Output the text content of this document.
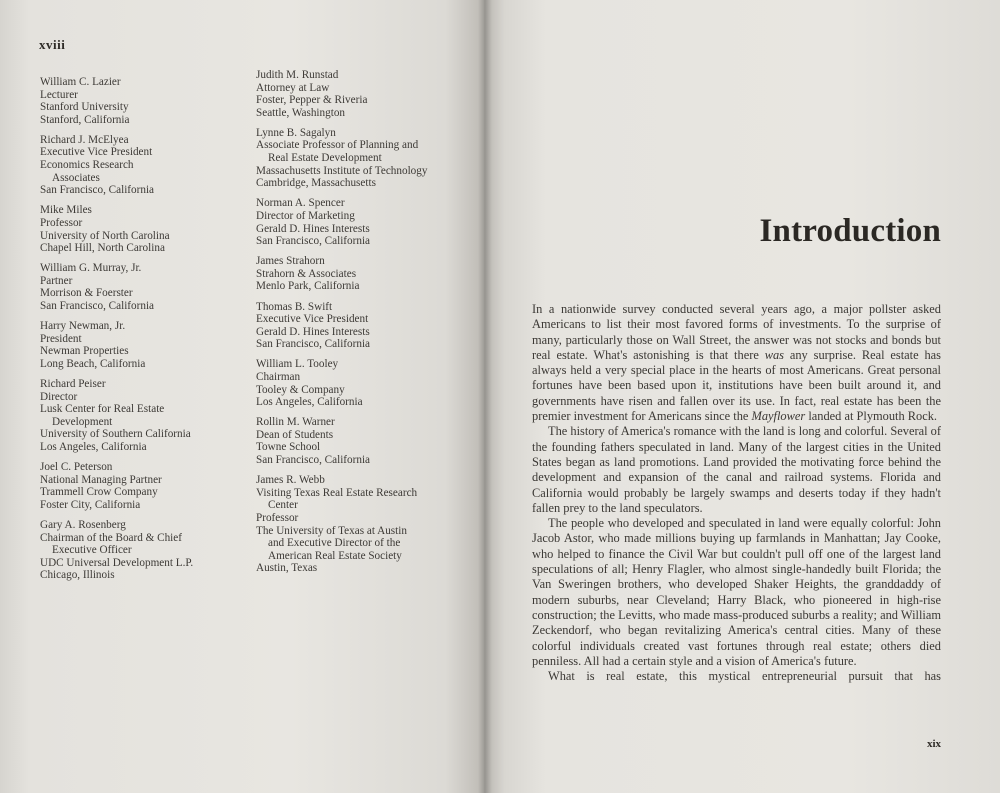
xviii
William C. Lazier
Lecturer
Stanford University
Stanford, California
Richard J. McElyea
Executive Vice President
Economics Research
Associates
San Francisco, California
Mike Miles
Professor
University of North Carolina
Chapel Hill, North Carolina
William G. Murray, Jr.
Partner
Morrison & Foerster
San Francisco, California
Harry Newman, Jr.
President
Newman Properties
Long Beach, California
Richard Peiser
Director
Lusk Center for Real Estate
Development
University of Southern California
Los Angeles, California
Joel C. Peterson
National Managing Partner
Trammell Crow Company
Foster City, California
Gary A. Rosenberg
Chairman of the Board & Chief
Executive Officer
UDC Universal Development L.P.
Chicago, Illinois
Judith M. Runstad
Attorney at Law
Foster, Pepper & Riveria
Seattle, Washington
Lynne B. Sagalyn
Associate Professor of Planning and
Real Estate Development
Massachusetts Institute of Technology
Cambridge, Massachusetts
Norman A. Spencer
Director of Marketing
Gerald D. Hines Interests
San Francisco, California
James Strahorn
Strahorn & Associates
Menlo Park, California
Thomas B. Swift
Executive Vice President
Gerald D. Hines Interests
San Francisco, California
William L. Tooley
Chairman
Tooley & Company
Los Angeles, California
Rollin M. Warner
Dean of Students
Towne School
San Francisco, California
James R. Webb
Visiting Texas Real Estate Research
Center
Professor
The University of Texas at Austin
and Executive Director of the
American Real Estate Society
Austin, Texas
Introduction

In a nationwide survey conducted several years ago, a major pollster asked Americans to list their most favored forms of investments. To the surprise of many, particularly those on Wall Street, the answer was not stocks and bonds but real estate. What's astonishing is that there was any surprise. Real estate has always held a very special place in the hearts of most Americans. Great personal fortunes have been based upon it, institutions have been built around it, and governments have risen and fallen over its use. In fact, real estate has been the premier investment for Americans since the Mayflower landed at Plymouth Rock.

The history of America's romance with the land is long and colorful. Several of the founding fathers speculated in land. Many of the largest cities in the United States began as land promotions. Land provided the motivating force behind the development and expansion of the canal and railroad systems. Florida and California would probably be largely swamps and deserts today if they hadn't fallen prey to the land speculators.

The people who developed and speculated in land were equally colorful: John Jacob Astor, who made millions buying up farmlands in Manhattan; Jay Cooke, who helped to finance the Civil War but couldn't pull off one of the largest land speculations of all; Henry Flagler, who almost single-handedly built Florida; the Van Sweringen brothers, who developed Shaker Heights, the granddaddy of modern suburbs, near Cleveland; Harry Black, who pioneered in high-rise construction; the Levitts, who made mass-produced suburbs a reality; and William Zeckendorf, who began revitalizing America's central cities. Many of these colorful individuals created vast fortunes through real estate; others died penniless. All had a certain style and a vision of America's future.

What is real estate, this mystical entrepreneurial pursuit that has

xix
